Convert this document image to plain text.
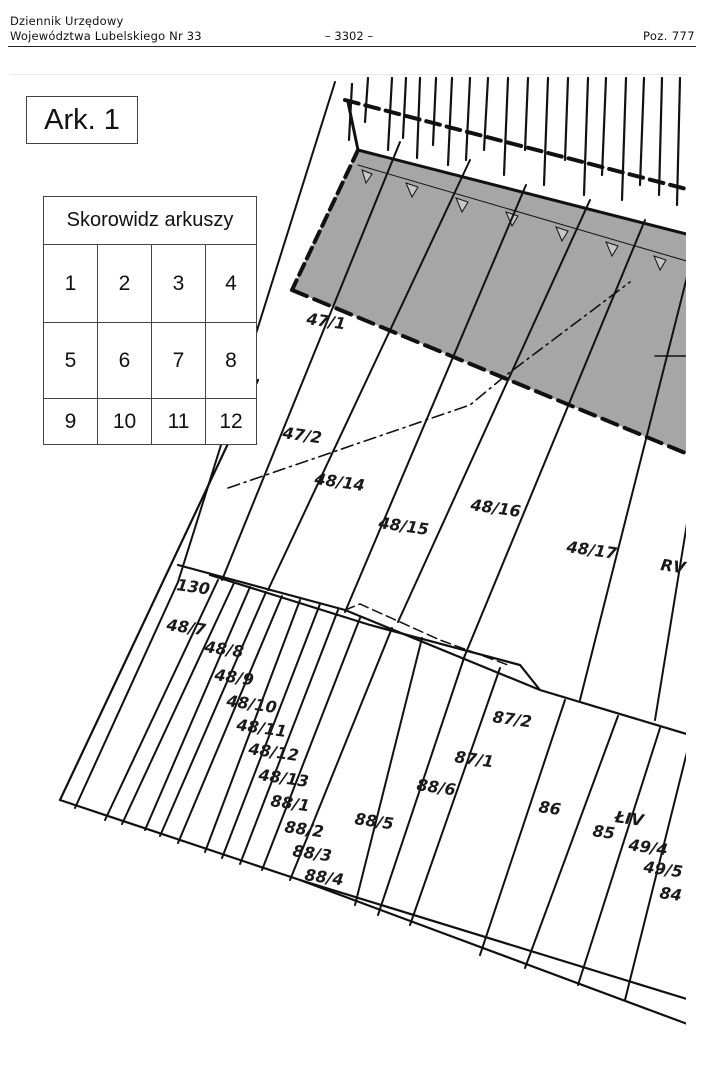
Dziennik Urzędowy
Województwa Lubelskiego Nr 33	– 3302 –	Poz. 777
47/1
47/2
48/14
48/15
48/16
48/17
RV
130
48/7
48/8
48/9
48/10
48/11
48/12
48/13
88/1
88/2
88/3
88/4
88/5
88/6
87/1
87/2
86
85
ŁIV
49/4
49/5
84
Ark. 1
Skorowidz arkuszy
1	2	3	4
5	6	7	8
9	10	11	12
